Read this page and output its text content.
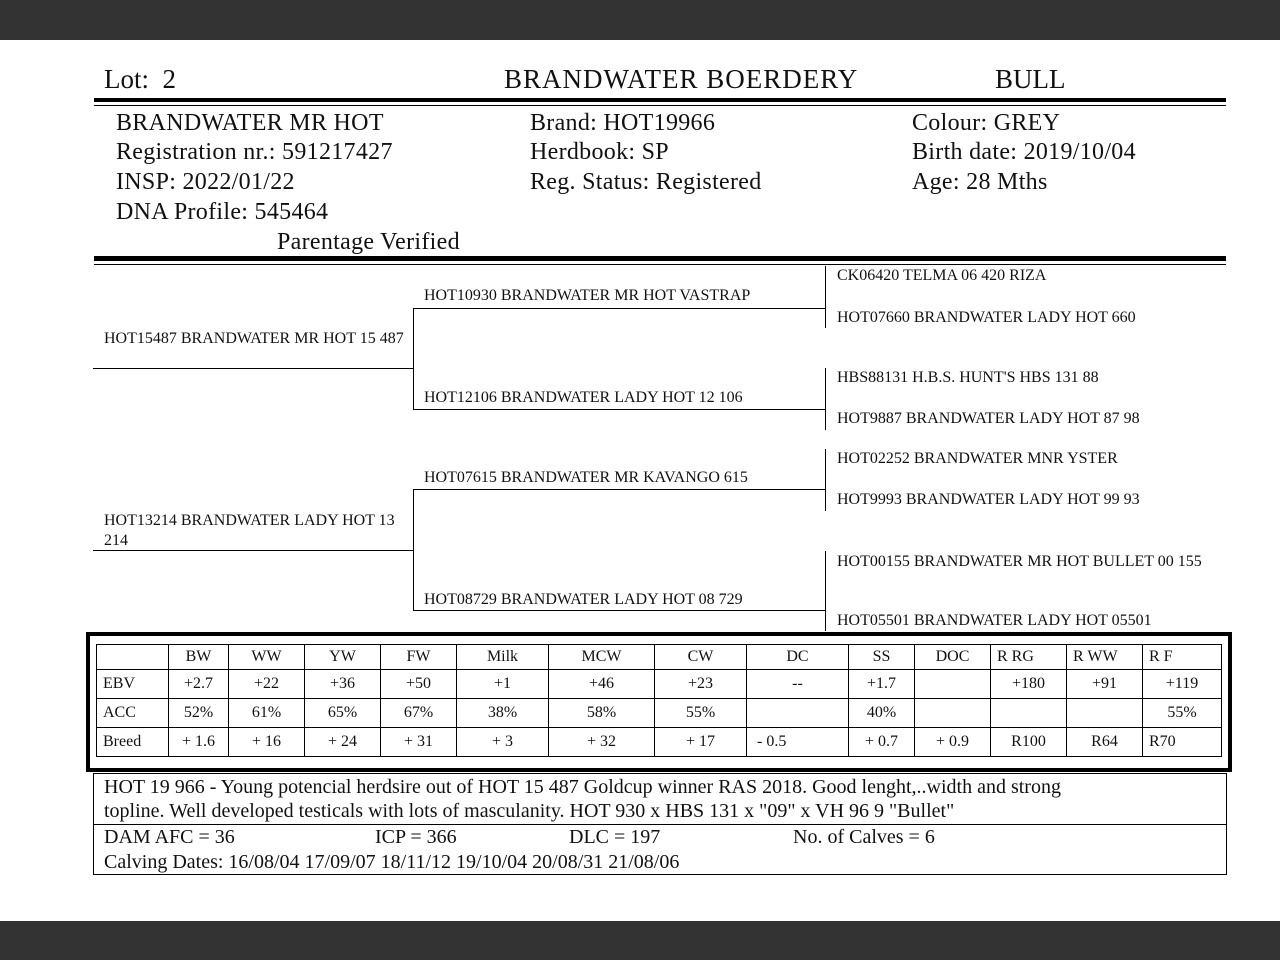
Lot: 2	BRANDWATER BOERDERY	BULL
BRANDWATER MR HOT
Registration nr.: 591217427
INSP: 2022/01/22
DNA Profile: 545464
Parentage Verified
Brand: HOT19966
Herdbook: SP
Reg. Status: Registered
Colour: GREY
Birth date: 2019/10/04
Age: 28 Mths
HOT15487 BRANDWATER MR HOT 15 487
HOT13214 BRANDWATER LADY HOT 13 214
HOT10930 BRANDWATER MR HOT VASTRAP
HOT12106 BRANDWATER LADY HOT 12 106
HOT07615 BRANDWATER MR KAVANGO 615
HOT08729 BRANDWATER LADY HOT 08 729
CK06420 TELMA 06 420 RIZA
HOT07660 BRANDWATER LADY HOT 660
HBS88131 H.B.S. HUNT'S HBS 131 88
HOT9887 BRANDWATER LADY HOT 87 98
HOT02252 BRANDWATER MNR YSTER
HOT9993 BRANDWATER LADY HOT 99 93
HOT00155 BRANDWATER MR HOT BULLET 00 155
HOT05501 BRANDWATER LADY HOT 05501
	BW	WW	YW	FW	Milk	MCW	CW	DC	SS	DOC	R RG	R WW	R F
EBV	+2.7	+22	+36	+50	+1	+46	+23	--	+1.7		+180	+91	+119
ACC	52%	61%	65%	67%	38%	58%	55%		40%				55%
Breed	+ 1.6	+ 16	+ 24	+ 31	+ 3	+ 32	+ 17	- 0.5	+ 0.7	+ 0.9	R100	R64	R70
HOT 19 966 - Young potencial herdsire out of HOT 15 487 Goldcup winner RAS 2018. Good lenght,..width and strong
topline. Well developed testicals with lots of masculanity. HOT 930 x HBS 131 x "09" x VH 96 9 "Bullet"
DAM AFC = 36	ICP = 366	DLC = 197	No. of Calves = 6
Calving Dates: 16/08/04 17/09/07 18/11/12 19/10/04 20/08/31 21/08/06
